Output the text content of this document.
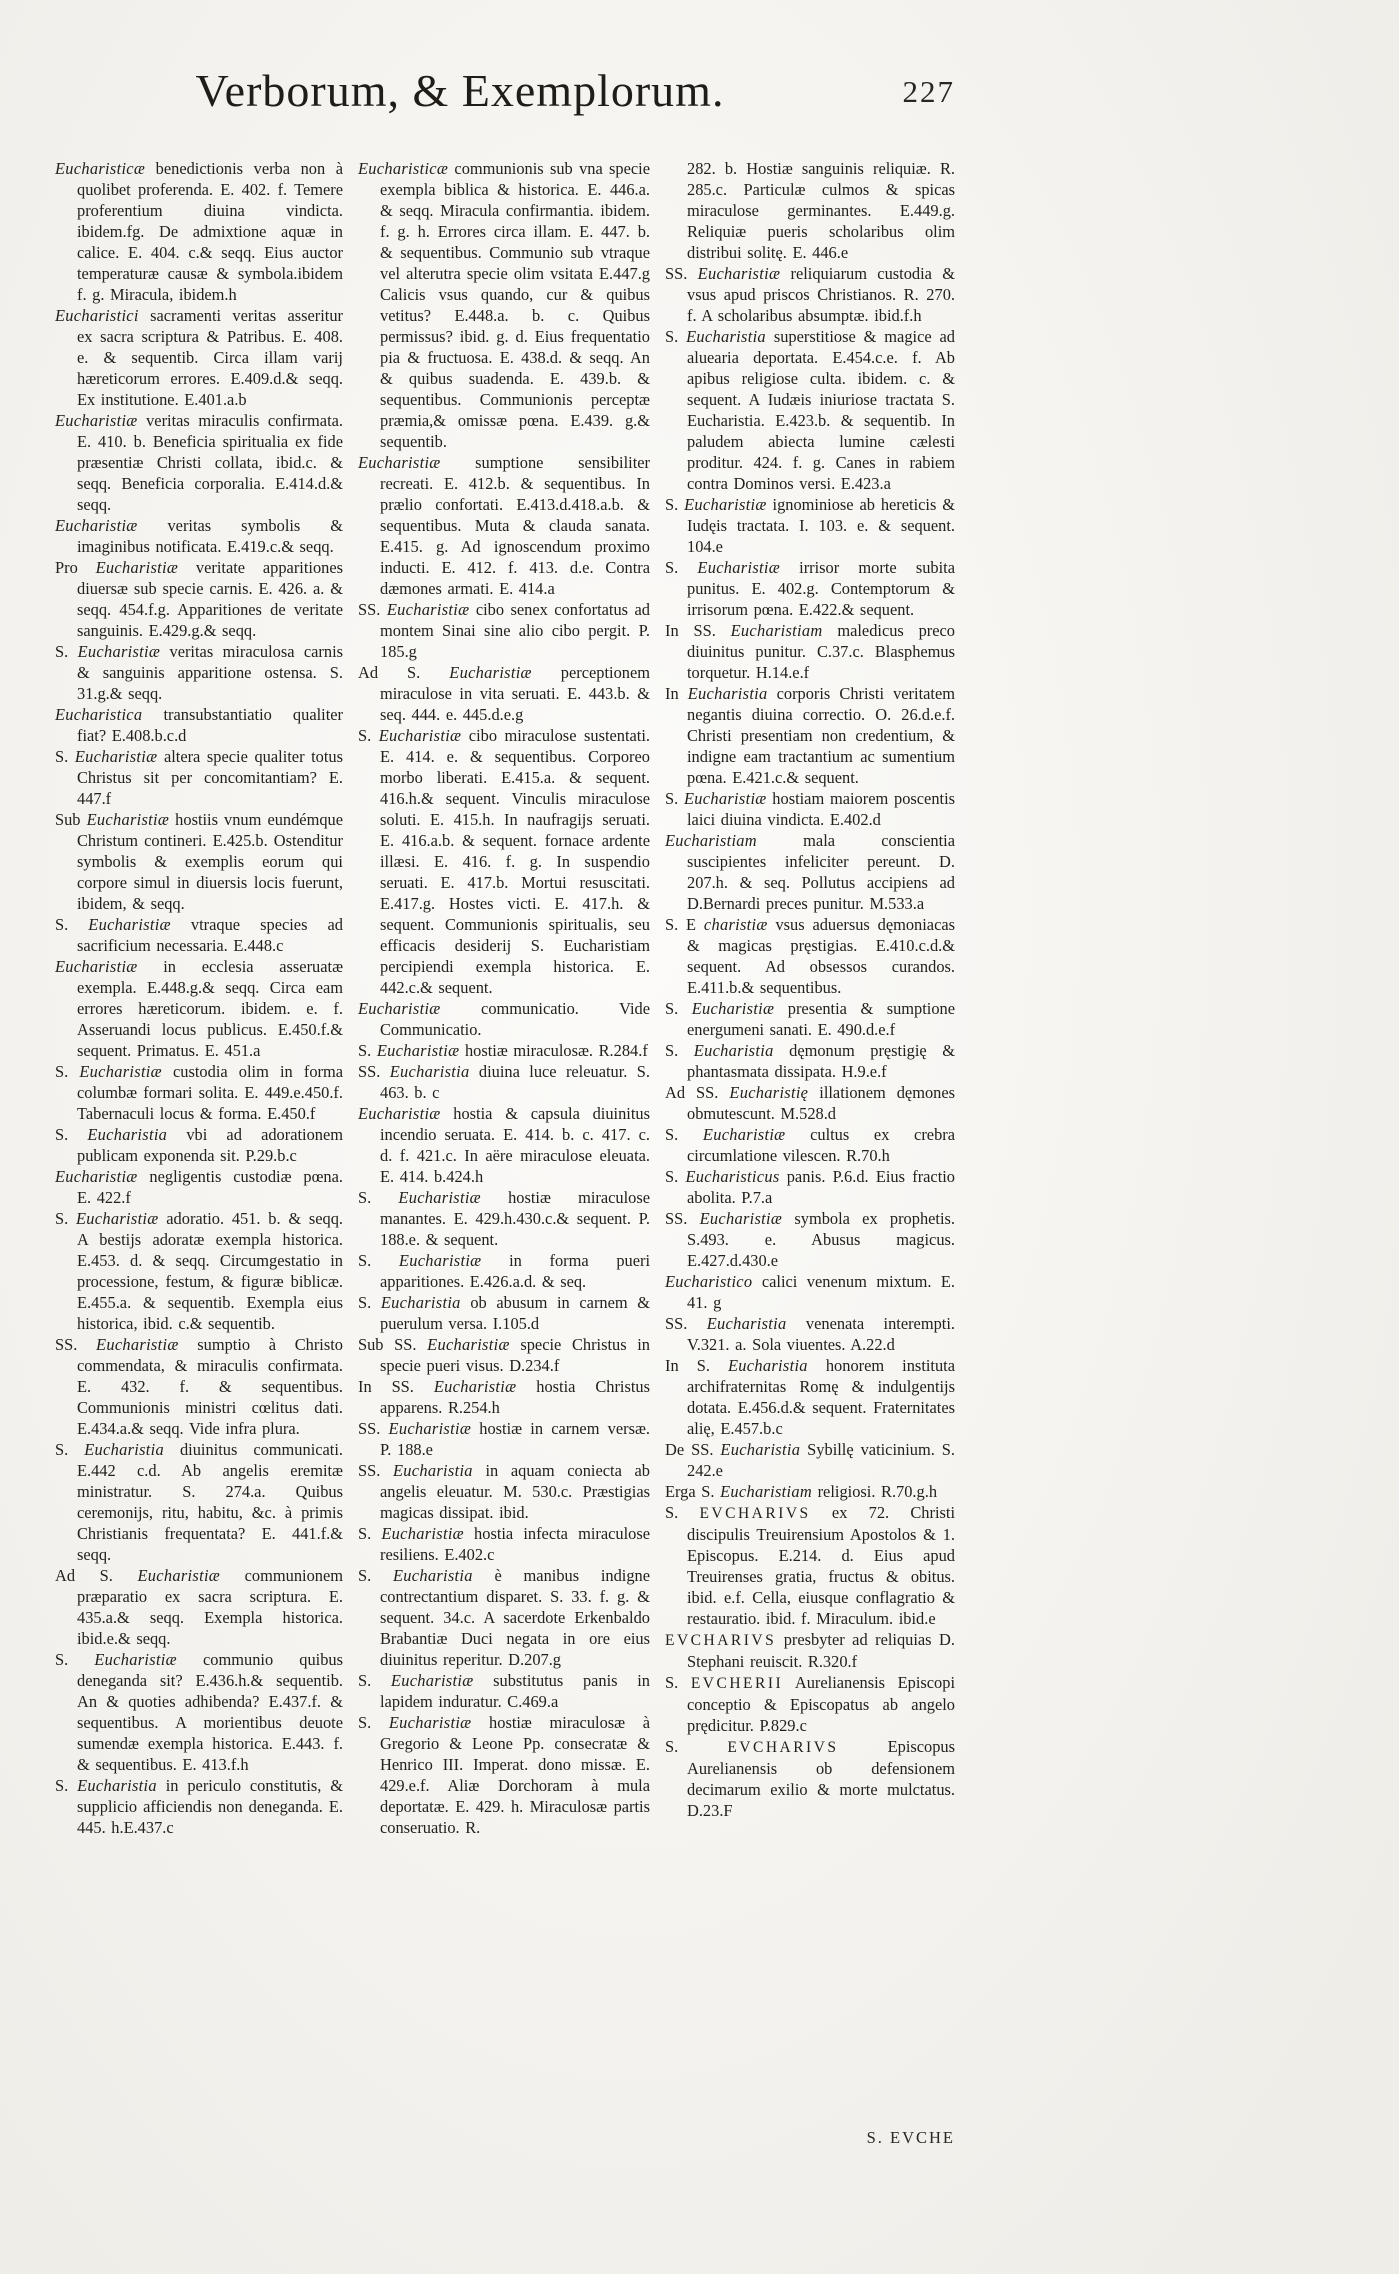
Verborum, & Exemplorum.	227

Eucharisticæ benedictionis verba non à quolibet proferenda. E. 402. f. Temere proferentium diuina vindicta. ibidem.fg. De admixtione aquæ in calice. E. 404. c.& seqq. Eius auctor temperaturæ causæ & symbola.ibidem f. g. Miracula, ibidem.h

Eucharistici sacramenti veritas asseritur ex sacra scriptura & Patribus. E. 408. e. & sequentib. Circa illam varij hæreticorum errores. E.409.d.& seqq. Ex institutione. E.401.a.b

Eucharistiæ veritas miraculis confirmata. E. 410. b. Beneficia spiritualia ex fide præsentiæ Christi collata, ibid.c. & seqq. Beneficia corporalia. E.414.d.& seqq.

Eucharistiæ veritas symbolis & imaginibus notificata. E.419.c.& seqq.

Pro Eucharistiæ veritate apparitiones diuersæ sub specie carnis. E. 426. a. & seqq. 454.f.g. Apparitiones de veritate sanguinis. E.429.g.& seqq.

S. Eucharistiæ veritas miraculosa carnis & sanguinis apparitione ostensa. S. 31.g.& seqq.

Eucharistica transubstantiatio qualiter fiat? E.408.b.c.d

S. Eucharistiæ altera specie qualiter totus Christus sit per concomitantiam? E. 447.f

Sub Eucharistiæ hostiis vnum eundémque Christum contineri. E.425.b. Ostenditur symbolis & exemplis eorum qui corpore simul in diuersis locis fuerunt, ibidem, & seqq.

S. Eucharistiæ vtraque species ad sacrificium necessaria. E.448.c

Eucharistiæ in ecclesia asseruatæ exempla. E.448.g.& seqq. Circa eam errores hæreticorum. ibidem. e. f. Asseruandi locus publicus. E.450.f.& sequent. Primatus. E. 451.a

S. Eucharistiæ custodia olim in forma columbæ formari solita. E. 449.e.450.f. Tabernaculi locus & forma. E.450.f

S. Eucharistia vbi ad adorationem publicam exponenda sit. P.29.b.c

Eucharistiæ negligentis custodiæ pœna. E. 422.f

S. Eucharistiæ adoratio. 451. b. & seqq. A bestijs adoratæ exempla historica. E.453. d. & seqq. Circumgestatio in processione, festum, & figuræ biblicæ. E.455.a. & sequentib. Exempla eius historica, ibid. c.& sequentib.

SS. Eucharistiæ sumptio à Christo commendata, & miraculis confirmata. E. 432. f. & sequentibus. Communionis ministri cœlitus dati. E.434.a.& seqq. Vide infra plura.

S. Eucharistia diuinitus communicati. E.442 c.d. Ab angelis eremitæ ministratur. S. 274.a. Quibus ceremonijs, ritu, habitu, &c. à primis Christianis frequentata? E. 441.f.& seqq.

Ad S. Eucharistiæ communionem præparatio ex sacra scriptura. E. 435.a.& seqq. Exempla historica. ibid.e.& seqq.

S. Eucharistiæ communio quibus deneganda sit? E.436.h.& sequentib. An & quoties adhibenda? E.437.f. & sequentibus. A morientibus deuote sumendæ exempla historica. E.443. f. & sequentibus. E. 413.f.h

S. Eucharistia in periculo constitutis, & supplicio afficiendis non deneganda. E. 445. h.E.437.c

Eucharisticæ communionis sub vna specie exempla biblica & historica. E. 446.a. & seqq. Miracula confirmantia. ibidem. f. g. h. Errores circa illam. E. 447. b. & sequentibus. Communio sub vtraque vel alterutra specie olim vsitata E.447.g Calicis vsus quando, cur & quibus vetitus? E.448.a. b. c. Quibus permissus? ibid. g. d. Eius frequentatio pia & fructuosa. E. 438.d. & seqq. An & quibus suadenda. E. 439.b. & sequentibus. Communionis perceptæ præmia,& omissæ pœna. E.439. g.& sequentib.

Eucharistiæ sumptione sensibiliter recreati. E. 412.b. & sequentibus. In prælio confortati. E.413.d.418.a.b. & sequentibus. Muta & clauda sanata. E.415. g. Ad ignoscendum proximo inducti. E. 412. f. 413. d.e. Contra dæmones armati. E. 414.a

SS. Eucharistiæ cibo senex confortatus ad montem Sinai sine alio cibo pergit. P. 185.g

Ad S. Eucharistiæ perceptionem miraculose in vita seruati. E. 443.b. & seq. 444. e. 445.d.e.g

S. Eucharistiæ cibo miraculose sustentati. E. 414. e. & sequentibus. Corporeo morbo liberati. E.415.a. & sequent. 416.h.& sequent. Vinculis miraculose soluti. E. 415.h. In naufragijs seruati. E. 416.a.b. & sequent. fornace ardente illæsi. E. 416. f. g. In suspendio seruati. E. 417.b. Mortui resuscitati. E.417.g. Hostes victi. E. 417.h. & sequent. Communionis spiritualis, seu efficacis desiderij S. Eucharistiam percipiendi exempla historica. E. 442.c.& sequent.

Eucharistiæ communicatio. Vide Communicatio.

S. Eucharistiæ hostiæ miraculosæ. R.284.f

SS. Eucharistia diuina luce releuatur. S. 463. b. c

Eucharistiæ hostia & capsula diuinitus incendio seruata. E. 414. b. c. 417. c. d. f. 421.c. In aëre miraculose eleuata. E. 414. b.424.h

S. Eucharistiæ hostiæ miraculose manantes. E. 429.h.430.c.& sequent. P. 188.e. & sequent.

S. Eucharistiæ in forma pueri apparitiones. E.426.a.d. & seq.

S. Eucharistia ob abusum in carnem & puerulum versa. I.105.d

Sub SS. Eucharistiæ specie Christus in specie pueri visus. D.234.f

In SS. Eucharistiæ hostia Christus apparens. R.254.h

SS. Eucharistiæ hostiæ in carnem versæ. P. 188.e

SS. Eucharistia in aquam coniecta ab angelis eleuatur. M. 530.c. Præstigias magicas dissipat. ibid.

S. Eucharistiæ hostia infecta miraculose resiliens. E.402.c

S. Eucharistia è manibus indigne contrectantium disparet. S. 33. f. g. & sequent. 34.c. A sacerdote Erkenbaldo Brabantiæ Duci negata in ore eius diuinitus reperitur. D.207.g

S. Eucharistiæ substitutus panis in lapidem induratur. C.469.a

S. Eucharistiæ hostiæ miraculosæ à Gregorio & Leone Pp. consecratæ & Henrico III. Imperat. dono missæ. E. 429.e.f. Aliæ Dorchoram à mula deportatæ. E. 429. h. Miraculosæ partis conseruatio. R.

282. b. Hostiæ sanguinis reliquiæ. R. 285.c. Particulæ culmos & spicas miraculose germinantes. E.449.g. Reliquiæ pueris scholaribus olim distribui solitę. E. 446.e

SS. Eucharistiæ reliquiarum custodia & vsus apud priscos Christianos. R. 270. f. A scholaribus absumptæ. ibid.f.h

S. Eucharistia superstitiose & magice ad aluearia deportata. E.454.c.e. f. Ab apibus religiose culta. ibidem. c. & sequent. A Iudæis iniuriose tractata S. Eucharistia. E.423.b. & sequentib. In paludem abiecta lumine cælesti proditur. 424. f. g. Canes in rabiem contra Dominos versi. E.423.a

S. Eucharistiæ ignominiose ab hereticis & Iudęis tractata. I. 103. e. & sequent. 104.e

S. Eucharistiæ irrisor morte subita punitus. E. 402.g. Contemptorum & irrisorum pœna. E.422.& sequent.

In SS. Eucharistiam maledicus preco diuinitus punitur. C.37.c. Blasphemus torquetur. H.14.e.f

In Eucharistia corporis Christi veritatem negantis diuina correctio. O. 26.d.e.f. Christi presentiam non credentium, & indigne eam tractantium ac sumentium pœna. E.421.c.& sequent.

S. Eucharistiæ hostiam maiorem poscentis laici diuina vindicta. E.402.d

Eucharistiam mala conscientia suscipientes infeliciter pereunt. D. 207.h. & seq. Pollutus accipiens ad D.Bernardi preces punitur. M.533.a

S. E charistiæ vsus aduersus dęmoniacas & magicas pręstigias. E.410.c.d.& sequent. Ad obsessos curandos. E.411.b.& sequentibus.

S. Eucharistiæ presentia & sumptione energumeni sanati. E. 490.d.e.f

S. Eucharistia dęmonum pręstigię & phantasmata dissipata. H.9.e.f

Ad SS. Eucharistię illationem dęmones obmutescunt. M.528.d

S. Eucharistiæ cultus ex crebra circumlatione vilescen. R.70.h

S. Eucharisticus panis. P.6.d. Eius fractio abolita. P.7.a

SS. Eucharistiæ symbola ex prophetis. S.493. e. Abusus magicus. E.427.d.430.e

Eucharistico calici venenum mixtum. E. 41. g

SS. Eucharistia venenata interempti. V.321. a. Sola viuentes. A.22.d

In S. Eucharistia honorem instituta archifraternitas Romę & indulgentijs dotata. E.456.d.& sequent. Fraternitates alię, E.457.b.c

De SS. Eucharistia Sybillę vaticinium. S. 242.e

Erga S. Eucharistiam religiosi. R.70.g.h

S. EVCHARIVS ex 72. Christi discipulis Treuirensium Apostolos & 1. Episcopus. E.214. d. Eius apud Treuirenses gratia, fructus & obitus. ibid. e.f. Cella, eiusque conflagratio & restauratio. ibid. f. Miraculum. ibid.e

EVCHARIVS presbyter ad reliquias D. Stephani reuiscit. R.320.f

S. EVCHERII Aurelianensis Episcopi conceptio & Episcopatus ab angelo prędicitur. P.829.c

S. EVCHARIVS Episcopus Aurelianensis ob defensionem decimarum exilio & morte mulctatus. D.23.F

S. EVCHE
